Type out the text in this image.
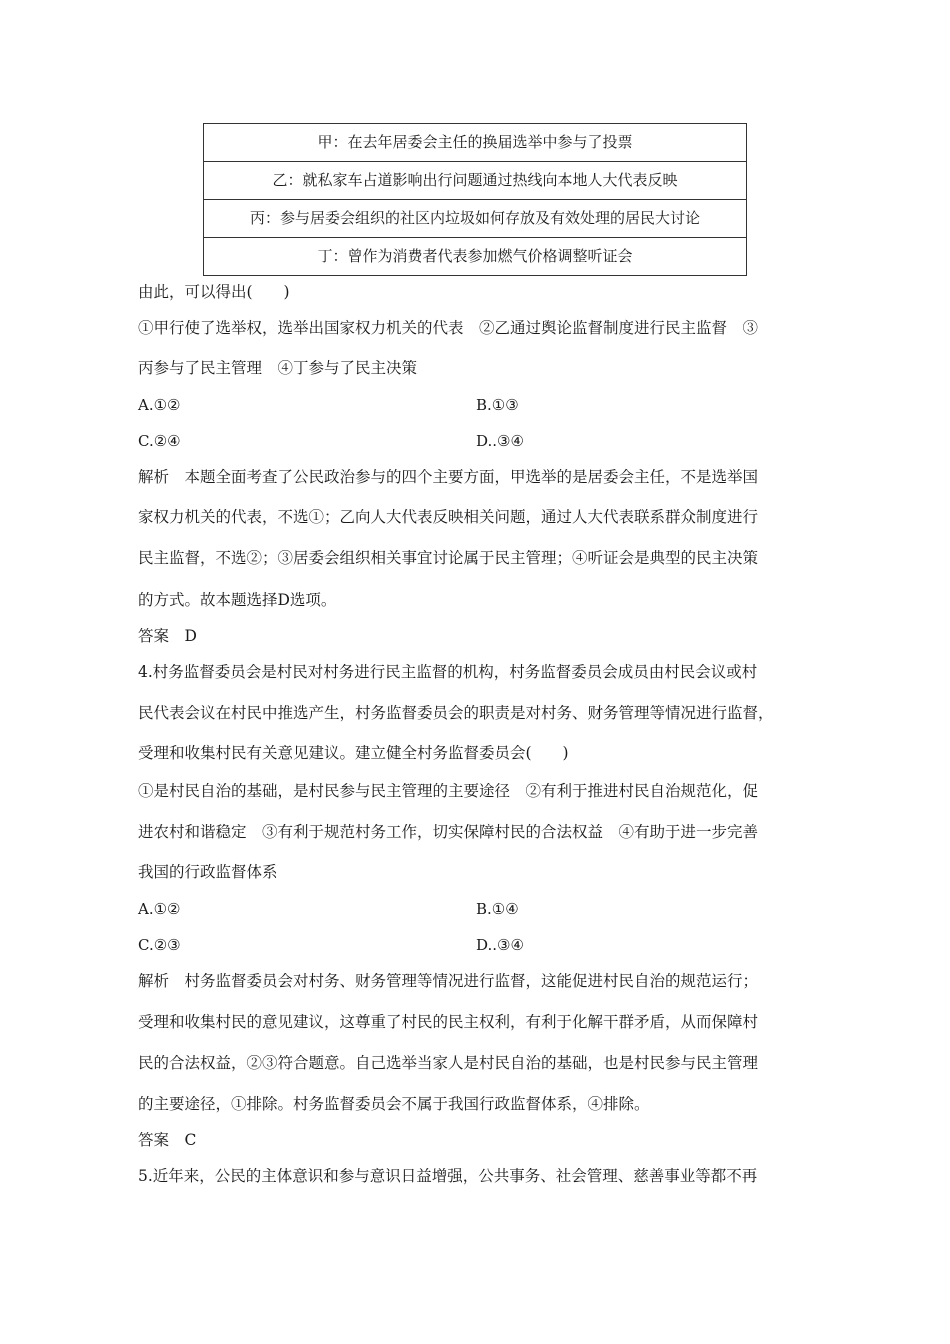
甲：在去年居委会主任的换届选举中参与了投票
乙：就私家车占道影响出行问题通过热线向本地人大代表反映
丙：参与居委会组织的社区内垃圾如何存放及有效处理的居民大讨论
丁：曾作为消费者代表参加燃气价格调整听证会
由此，可以得出(　　)
①甲行使了选举权，选举出国家权力机关的代表　②乙通过舆论监督制度进行民主监督　③
丙参与了民主管理　④丁参与了民主决策
A.①②	B.①③
C.②④	D..③④
解析　本题全面考查了公民政治参与的四个主要方面，甲选举的是居委会主任，不是选举国
家权力机关的代表，不选①；乙向人大代表反映相关问题，通过人大代表联系群众制度进行
民主监督，不选②；③居委会组织相关事宜讨论属于民主管理；④听证会是典型的民主决策
的方式。故本题选择D选项。
答案　D
4.村务监督委员会是村民对村务进行民主监督的机构，村务监督委员会成员由村民会议或村
民代表会议在村民中推选产生，村务监督委员会的职责是对村务、财务管理等情况进行监督，
受理和收集村民有关意见建议。建立健全村务监督委员会(　　)
①是村民自治的基础，是村民参与民主管理的主要途径　②有利于推进村民自治规范化，促
进农村和谐稳定　③有利于规范村务工作，切实保障村民的合法权益　④有助于进一步完善
我国的行政监督体系
A.①②	B.①④
C.②③	D..③④
解析　村务监督委员会对村务、财务管理等情况进行监督，这能促进村民自治的规范运行；
受理和收集村民的意见建议，这尊重了村民的民主权利，有利于化解干群矛盾，从而保障村
民的合法权益，②③符合题意。自己选举当家人是村民自治的基础，也是村民参与民主管理
的主要途径，①排除。村务监督委员会不属于我国行政监督体系，④排除。
答案　C
5.近年来，公民的主体意识和参与意识日益增强，公共事务、社会管理、慈善事业等都不再
